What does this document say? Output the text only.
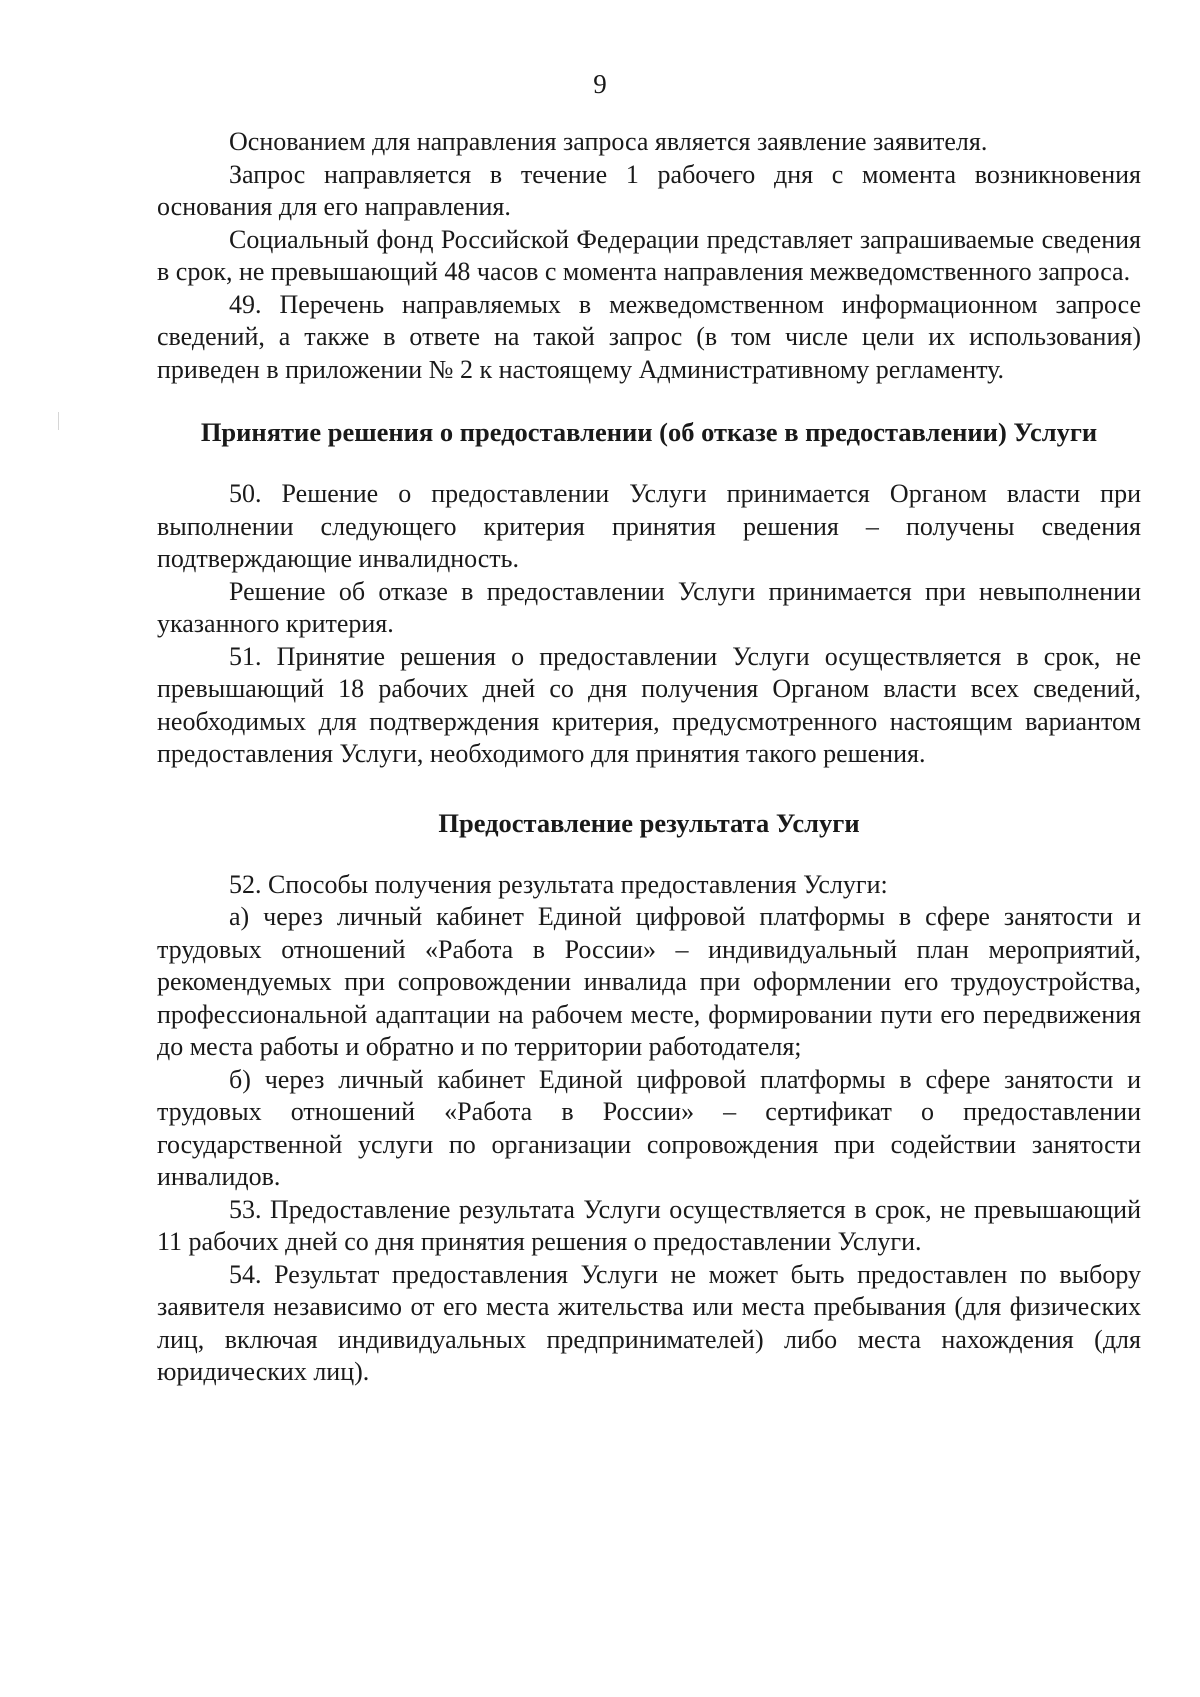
9

Основанием для направления запроса является заявление заявителя.

Запрос направляется в течение 1 рабочего дня с момента возникновения основания для его направления.

Социальный фонд Российской Федерации представляет запрашиваемые сведения в срок, не превышающий 48 часов с момента направления межведомственного запроса.

49. Перечень направляемых в межведомственном информационном запросе сведений, а также в ответе на такой запрос (в том числе цели их использования) приведен в приложении № 2 к настоящему Административному регламенту.

Принятие решения о предоставлении (об отказе в предоставлении) Услуги

50. Решение о предоставлении Услуги принимается Органом власти при выполнении следующего критерия принятия решения – получены сведения подтверждающие инвалидность.

Решение об отказе в предоставлении Услуги принимается при невыполнении указанного критерия.

51. Принятие решения о предоставлении Услуги осуществляется в срок, не превышающий 18 рабочих дней со дня получения Органом власти всех сведений, необходимых для подтверждения критерия, предусмотренного настоящим вариантом предоставления Услуги, необходимого для принятия такого решения.

Предоставление результата Услуги

52. Способы получения результата предоставления Услуги:

а) через личный кабинет Единой цифровой платформы в сфере занятости и трудовых отношений «Работа в России» – индивидуальный план мероприятий, рекомендуемых при сопровождении инвалида при оформлении его трудоустройства, профессиональной адаптации на рабочем месте, формировании пути его передвижения до места работы и обратно и по территории работодателя;

б) через личный кабинет Единой цифровой платформы в сфере занятости и трудовых отношений «Работа в России» – сертификат о предоставлении государственной услуги по организации сопровождения при содействии занятости инвалидов.

53. Предоставление результата Услуги осуществляется в срок, не превышающий 11 рабочих дней со дня принятия решения о предоставлении Услуги.

54. Результат предоставления Услуги не может быть предоставлен по выбору заявителя независимо от его места жительства или места пребывания (для физических лиц, включая индивидуальных предпринимателей) либо места нахождения (для юридических лиц).
